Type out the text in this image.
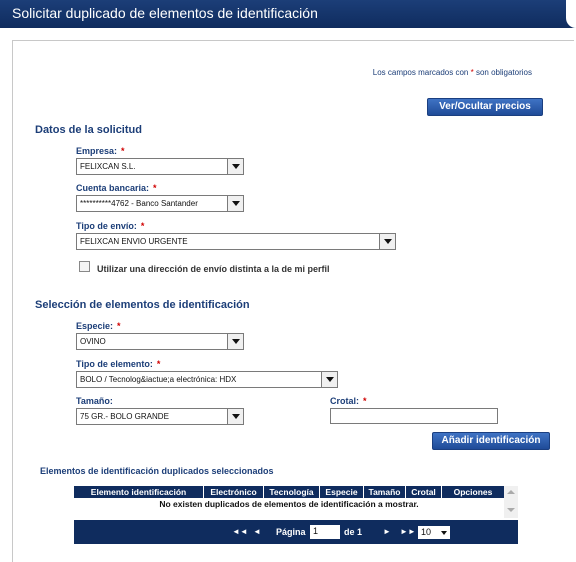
Solicitar duplicado de elementos de identificación
Los campos marcados con * son obligatorios
Ver/Ocultar precios
Datos de la solicitud
Empresa: *
FELIXCAN S.L.
Cuenta bancaria: *
**********4762 - Banco Santander
Tipo de envío: *
FELIXCAN ENVIO URGENTE
Utilizar una dirección de envío distinta a la de mi perfil
Selección de elementos de identificación
Especie: *
OVINO
Tipo de elemento: *
BOLO / Tecnolog&iactue;a electrónica: HDX
Tamaño:
75 GR.- BOLO GRANDE
Crotal: *
Añadir identificación
Elementos de identificación duplicados seleccionados
Elemento identificación	Electrónico	Tecnología	Especie	Tamaño	Crotal	Opciones
No existen duplicados de elementos de identificación a mostrar.
◄◄ ◄ Página 1	de 1	► ►► 10
